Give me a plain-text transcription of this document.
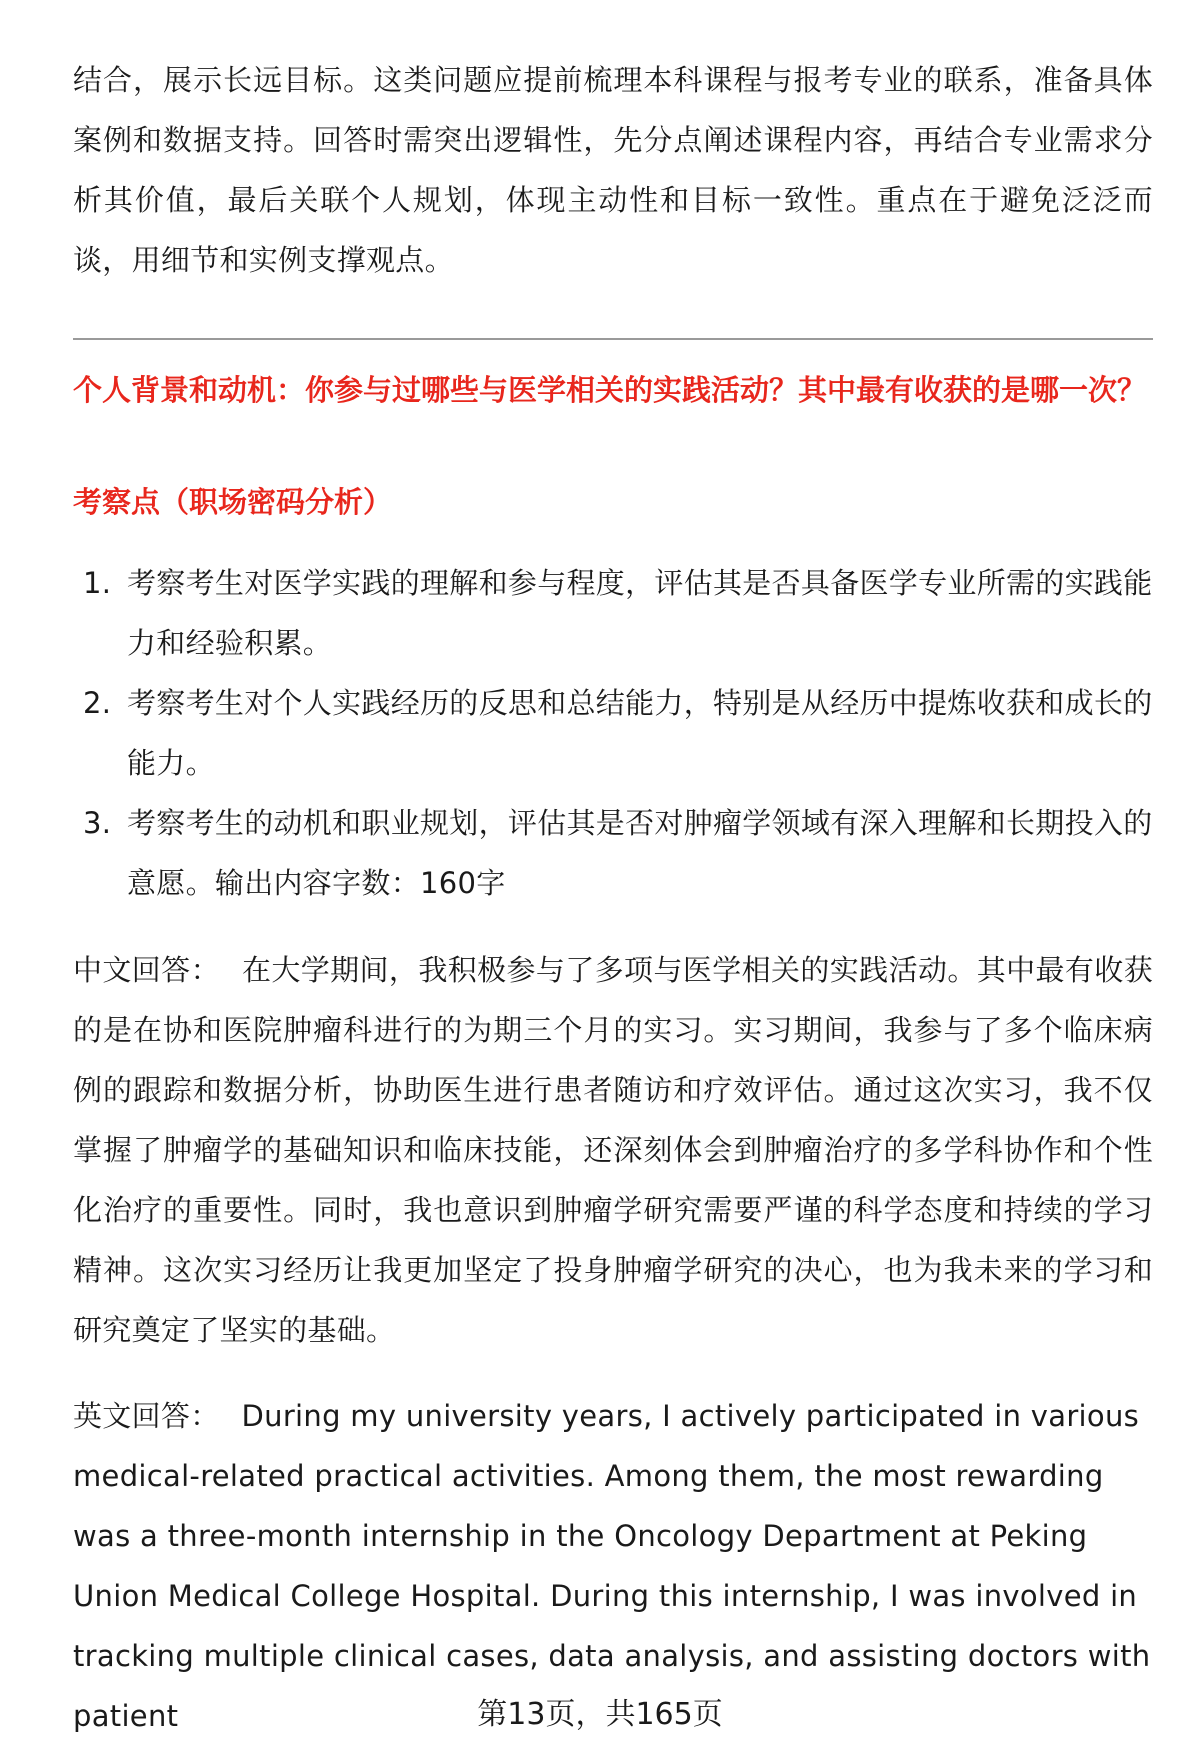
结合，展示长远目标。这类问题应提前梳理本科课程与报考专业的联系，准备具体案例和数据支持。回答时需突出逻辑性，先分点阐述课程内容，再结合专业需求分析其价值，最后关联个人规划，体现主动性和目标一致性。重点在于避免泛泛而谈，用细节和实例支撑观点。

个人背景和动机：你参与过哪些与医学相关的实践活动？其中最有收获的是哪一次？

考察点（职场密码分析）

1. 考察考生对医学实践的理解和参与程度，评估其是否具备医学专业所需的实践能力和经验积累。
2. 考察考生对个人实践经历的反思和总结能力，特别是从经历中提炼收获和成长的能力。
3. 考察考生的动机和职业规划，评估其是否对肿瘤学领域有深入理解和长期投入的意愿。输出内容字数：160字

中文回答： 在大学期间，我积极参与了多项与医学相关的实践活动。其中最有收获的是在协和医院肿瘤科进行的为期三个月的实习。实习期间，我参与了多个临床病例的跟踪和数据分析，协助医生进行患者随访和疗效评估。通过这次实习，我不仅掌握了肿瘤学的基础知识和临床技能，还深刻体会到肿瘤治疗的多学科协作和个性化治疗的重要性。同时，我也意识到肿瘤学研究需要严谨的科学态度和持续的学习精神。这次实习经历让我更加坚定了投身肿瘤学研究的决心，也为我未来的学习和研究奠定了坚实的基础。

英文回答： During my university years, I actively participated in various medical-related practical activities. Among them, the most rewarding was a three-month internship in the Oncology Department at Peking Union Medical College Hospital. During this internship, I was involved in tracking multiple clinical cases, data analysis, and assisting doctors with patient	第13页，共165页
